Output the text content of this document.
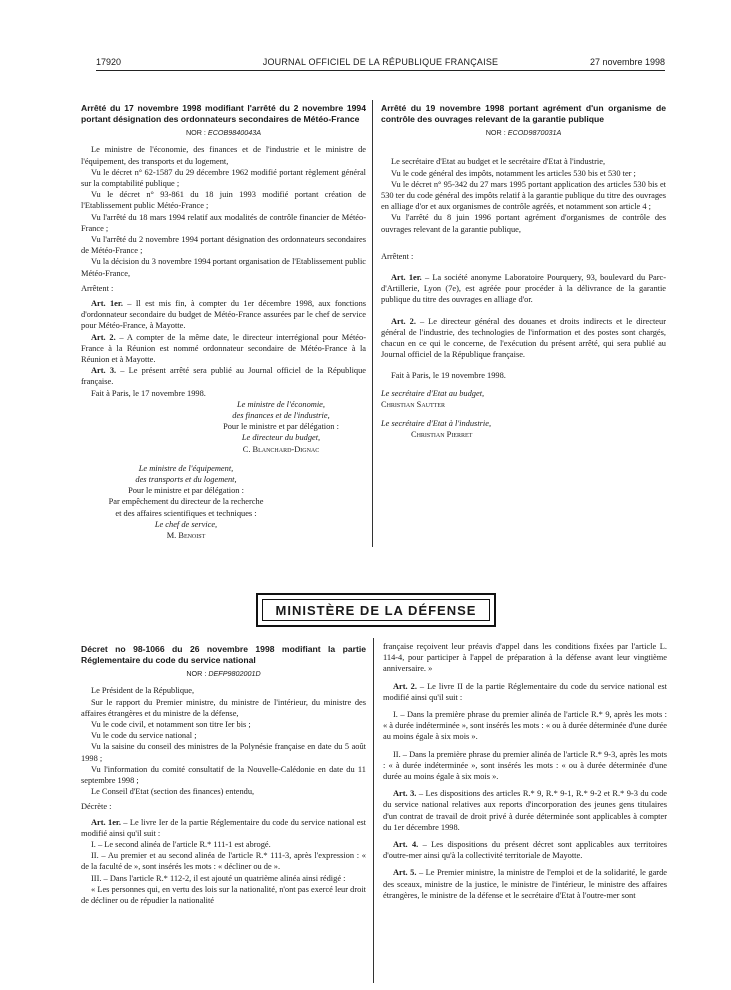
17920	JOURNAL OFFICIEL DE LA RÉPUBLIQUE FRANÇAISE	27 novembre 1998

Arrêté du 17 novembre 1998 modifiant l'arrêté du 2 novembre 1994 portant désignation des ordonnateurs secondaires de Météo-France

NOR : ECOB9840043A

Le ministre de l'économie, des finances et de l'industrie et le ministre de l'équipement, des transports et du logement,

Vu le décret n° 62-1587 du 29 décembre 1962 modifié portant règlement général sur la comptabilité publique ;

Vu le décret n° 93-861 du 18 juin 1993 modifié portant création de l'Etablissement public Météo-France ;

Vu l'arrêté du 18 mars 1994 relatif aux modalités de contrôle financier de Météo-France ;

Vu l'arrêté du 2 novembre 1994 portant désignation des ordonnateurs secondaires de Météo-France ;

Vu la décision du 3 novembre 1994 portant organisation de l'Etablissement public Météo-France,

Arrêtent :

Art. 1er. – Il est mis fin, à compter du 1er décembre 1998, aux fonctions d'ordonnateur secondaire du budget de Météo-France assurées par le chef de service pour Météo-France, à Mayotte.

Art. 2. – A compter de la même date, le directeur interrégional pour Météo-France à la Réunion est nommé ordonnateur secondaire de Météo-France à la Réunion et à Mayotte.

Art. 3. – Le présent arrêté sera publié au Journal officiel de la République française.

Fait à Paris, le 17 novembre 1998.

Le ministre de l'économie,
des finances et de l'industrie,
Pour le ministre et par délégation :
Le directeur du budget,
C. Blanchard-Dignac
Le ministre de l'équipement,
des transports et du logement,
Pour le ministre et par délégation :
Par empêchement du directeur de la recherche
et des affaires scientifiques et techniques :
Le chef de service,
M. Benoist

Arrêté du 19 novembre 1998 portant agrément d'un organisme de contrôle des ouvrages relevant de la garantie publique

NOR : ECOD9870031A

Le secrétaire d'Etat au budget et le secrétaire d'Etat à l'industrie,

Vu le code général des impôts, notamment les articles 530 bis et 530 ter ;

Vu le décret n° 95-342 du 27 mars 1995 portant application des articles 530 bis et 530 ter du code général des impôts relatif à la garantie publique du titre des ouvrages en alliage d'or et aux organismes de contrôle agréés, et notamment son article 4 ;

Vu l'arrêté du 8 juin 1996 portant agrément d'organismes de contrôle des ouvrages relevant de la garantie publique,

Arrêtent :

Art. 1er. – La société anonyme Laboratoire Pourquery, 93, boulevard du Parc-d'Artillerie, Lyon (7e), est agréée pour procéder à la délivrance de la garantie publique du titre des ouvrages en alliage d'or.

Art. 2. – Le directeur général des douanes et droits indirects et le directeur général de l'industrie, des technologies de l'information et des postes sont chargés, chacun en ce qui le concerne, de l'exécution du présent arrêté, qui sera publié au Journal officiel de la République française.

Fait à Paris, le 19 novembre 1998.

Le secrétaire d'Etat au budget,

Christian Sautter

Le secrétaire d'Etat à l'industrie,

Christian Pierret

MINISTÈRE DE LA DÉFENSE

Décret no 98-1066 du 26 novembre 1998 modifiant la partie Réglementaire du code du service national

NOR : DEFP9802001D

Le Président de la République,

Sur le rapport du Premier ministre, du ministre de l'intérieur, du ministre des affaires étrangères et du ministre de la défense,

Vu le code civil, et notamment son titre Ier bis ;

Vu le code du service national ;

Vu la saisine du conseil des ministres de la Polynésie française en date du 5 août 1998 ;

Vu l'information du comité consultatif de la Nouvelle-Calédonie en date du 11 septembre 1998 ;

Le Conseil d'Etat (section des finances) entendu,

Décrète :

Art. 1er. – Le livre Ier de la partie Réglementaire du code du service national est modifié ainsi qu'il suit :

I. – Le second alinéa de l'article R.* 111-1 est abrogé.

II. – Au premier et au second alinéa de l'article R.* 111-3, après l'expression : « de la faculté de », sont insérés les mots : « décliner ou de ».

III. – Dans l'article R.* 112-2, il est ajouté un quatrième alinéa ainsi rédigé :

« Les personnes qui, en vertu des lois sur la nationalité, n'ont pas exercé leur droit de décliner ou de répudier la nationalité

française reçoivent leur préavis d'appel dans les conditions fixées par l'article L. 114-4, pour participer à l'appel de préparation à la défense avant leur vingtième anniversaire. »

Art. 2. – Le livre II de la partie Réglementaire du code du service national est modifié ainsi qu'il suit :

I. – Dans la première phrase du premier alinéa de l'article R.* 9, après les mots : « à durée indéterminée », sont insérés les mots : « ou à durée déterminée d'une durée au moins égale à six mois ».

II. – Dans la première phrase du premier alinéa de l'article R.* 9-3, après les mots : « à durée indéterminée », sont insérés les mots : « ou à durée déterminée d'une durée au moins égale à six mois ».

Art. 3. – Les dispositions des articles R.* 9, R.* 9-1, R.* 9-2 et R.* 9-3 du code du service national relatives aux reports d'incorporation des jeunes gens titulaires d'un contrat de travail de droit privé à durée déterminée sont applicables à compter du 1er décembre 1998.

Art. 4. – Les dispositions du présent décret sont applicables aux territoires d'outre-mer ainsi qu'à la collectivité territoriale de Mayotte.

Art. 5. – Le Premier ministre, la ministre de l'emploi et de la solidarité, le garde des sceaux, ministre de la justice, le ministre de l'intérieur, le ministre des affaires étrangères, le ministre de la défense et le secrétaire d'Etat à l'outre-mer sont
